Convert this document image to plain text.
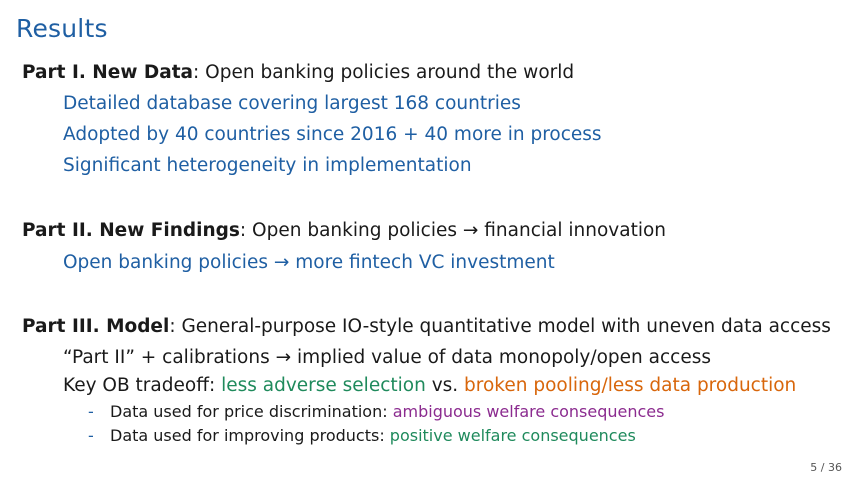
Results
Part I. New Data: Open banking policies around the world
Detailed database covering largest 168 countries
Adopted by 40 countries since 2016 + 40 more in process
Significant heterogeneity in implementation
Part II. New Findings: Open banking policies → financial innovation
Open banking policies → more fintech VC investment
Part III. Model: General-purpose IO-style quantitative model with uneven data access
“Part II” + calibrations → implied value of data monopoly/open access
Key OB tradeoff: less adverse selection vs. broken pooling/less data production
- Data used for price discrimination: ambiguous welfare consequences
- Data used for improving products: positive welfare consequences
5 / 36
